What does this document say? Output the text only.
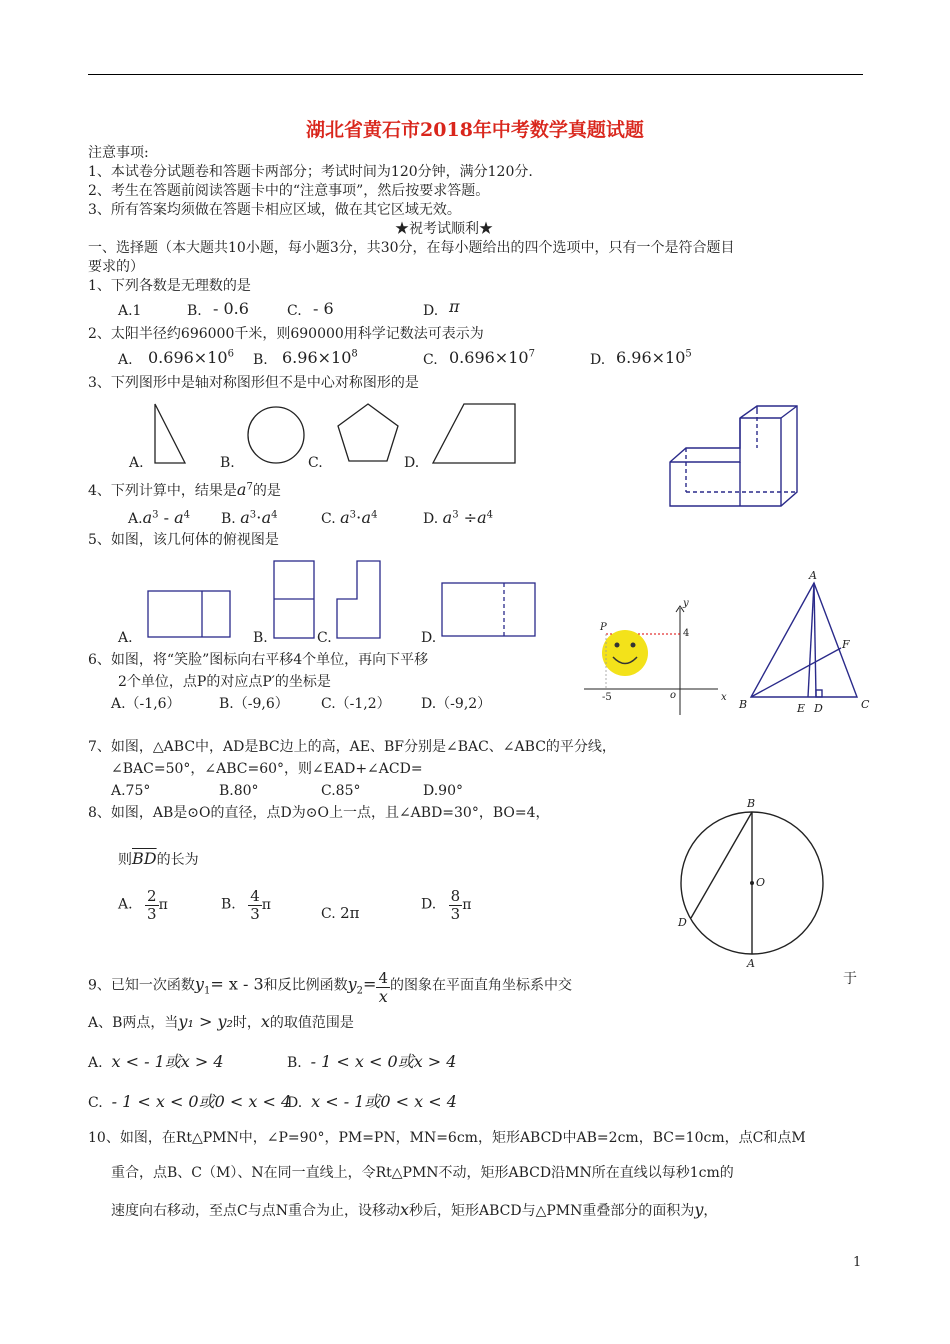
湖北省黄石市2018年中考数学真题试题
注意事项:
1、本试卷分试题卷和答题卡两部分；考试时间为120分钟，满分120分.
2、考生在答题前阅读答题卡中的“注意事项”，然后按要求答题。
3、所有答案均须做在答题卡相应区域，做在其它区域无效。
★祝考试顺利★
一、选择题（本大题共10小题，每小题3分，共30分，在每小题给出的四个选项中，只有一个是符合题目
要求的）
1、下列各数是无理数的是
A.1	B. - 0.6	C. - 6	D. π
2、太阳半径约696000千米，则690000用科学记数法可表示为
A. $0.696\times 10^6$ B. $6.96\times 10^8$	C. $0.696\times 10^7$	D. $6.96\times 10^5$
3、下列图形中是轴对称图形但不是中心对称图形的是
A.	B.	C.	D.
4、下列计算中，结果是$a^7$的是
$A.a^3 - a^4$ B. $a^3\cdot a^4$	C. $a^3\cdot a^4$	D. $a^3 \div a^4$
5、如图，该几何体的俯视图是
A.	B.	C.	D.
6、如图，将“笑脸”图标向右平移4个单位，再向下平移
2个单位，点P的对应点P′的坐标是
A.（-1,6）	B.（-9,6） C.（-1,2） D.（-9,2）
P
y
4
-5	o	x
A
B	C
D
E
F
7、如图，△ABC中，AD是BC边上的高，AE、BF分别是∠BAC、∠ABC的平分线，
∠BAC=50°，∠ABC=60°，则∠EAD+∠ACD=
A.75°	B.80°	C.85°	D.90°
8、如图，AB是⊙O的直径，点D为⊙O上一点，且∠ABD=30°，BO=4，
则$\overline{BD}$的长为
A. $\frac{2}{3}$ π	B. $\frac{4}{3}$ π
C. 2π	D. $\frac{8}{3}$ π
B
O
D
A
9、已知一次函数$y_1= x - 3$和反比例函数$y_2= \frac{4}{x}$ 的图象在平面直角坐标系中交	于
A、B两点，当y₁ > y₂时，x的取值范围是
A. x < - 1或x > 4	B. - 1 < x < 0或x > 4
C. - 1 < x < 0或0 < x < 4
D. x < - 1或0 < x < 4
10、如图，在Rt△PMN中，∠P=90°，PM=PN，MN=6cm，矩形ABCD中AB=2cm，BC=10cm，点C和点M
重合，点B、C（M）、N在同一直线上，令Rt△PMN不动，矩形ABCD沿MN所在直线以每秒1cm的
速度向右移动，至点C与点N重合为止，设移动x秒后，矩形ABCD与△PMN重叠部分的面积为y，
1
